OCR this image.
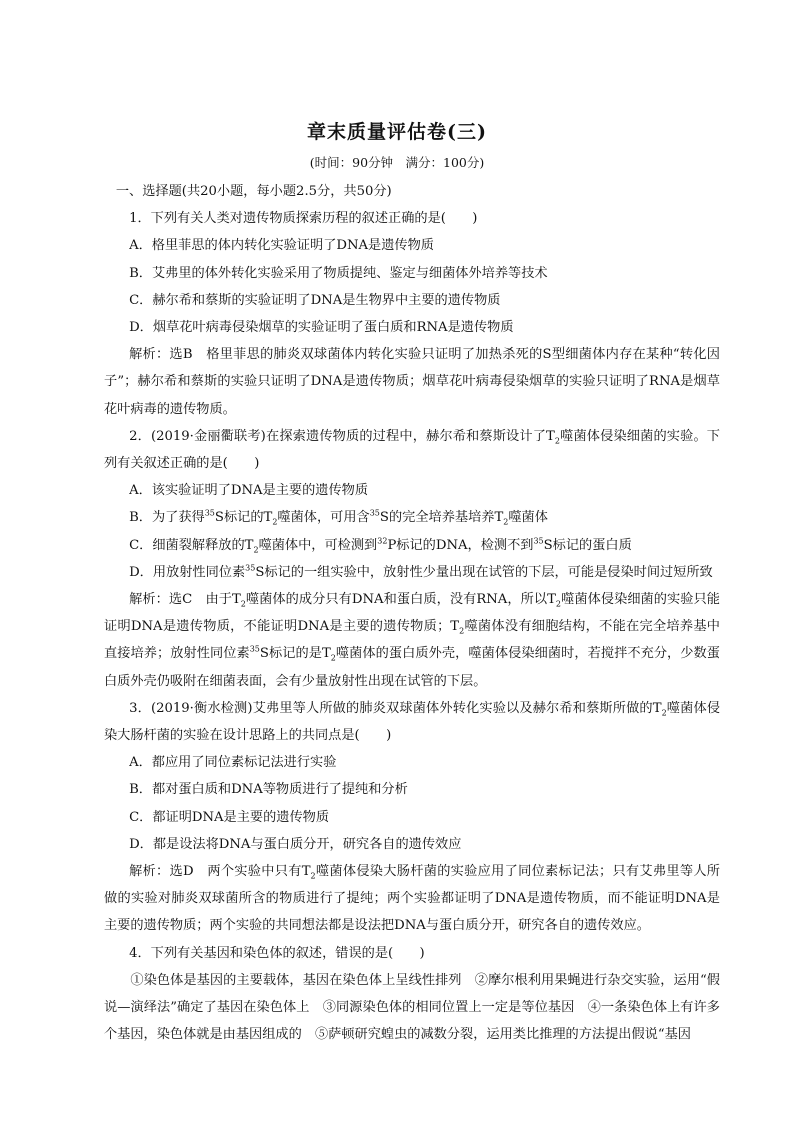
章末质量评估卷(三)
(时间：90分钟　满分：100分)

一、选择题(共20小题，每小题2.5分，共50分)

1．下列有关人类对遗传物质探索历程的叙述正确的是(　　)

A．格里菲思的体内转化实验证明了DNA是遗传物质

B．艾弗里的体外转化实验采用了物质提纯、鉴定与细菌体外培养等技术

C．赫尔希和蔡斯的实验证明了DNA是生物界中主要的遗传物质

D．烟草花叶病毒侵染烟草的实验证明了蛋白质和RNA是遗传物质

解析：选B　格里菲思的肺炎双球菌体内转化实验只证明了加热杀死的S型细菌体内存在某种“转化因子”；赫尔希和蔡斯的实验只证明了DNA是遗传物质；烟草花叶病毒侵染烟草的实验只证明了RNA是烟草花叶病毒的遗传物质。

2．(2019·金丽衢联考)在探索遗传物质的过程中，赫尔希和蔡斯设计了$T_2$噬菌体侵染细菌的实验。下列有关叙述正确的是(　　)

A．该实验证明了DNA是主要的遗传物质

B．为了获得$^{35}$S标记的$T_2$噬菌体，可用含$^{35}$S的完全培养基培养$T_2$噬菌体

C．细菌裂解释放的$T_2$噬菌体中，可检测到$^{32}$P标记的DNA，检测不到$^{35}$S标记的蛋白质

D．用放射性同位素$^{35}$S标记的一组实验中，放射性少量出现在试管的下层，可能是侵染时间过短所致

解析：选C　由于$T_2$噬菌体的成分只有DNA和蛋白质，没有RNA，所以$T_2$噬菌体侵染细菌的实验只能证明DNA是遗传物质，不能证明DNA是主要的遗传物质；$T_2$噬菌体没有细胞结构，不能在完全培养基中直接培养；放射性同位素$^{35}$S标记的是$T_2$噬菌体的蛋白质外壳，噬菌体侵染细菌时，若搅拌不充分，少数蛋白质外壳仍吸附在细菌表面，会有少量放射性出现在试管的下层。

3．(2019·衡水检测)艾弗里等人所做的肺炎双球菌体外转化实验以及赫尔希和蔡斯所做的$T_2$噬菌体侵染大肠杆菌的实验在设计思路上的共同点是(　　)

A．都应用了同位素标记法进行实验

B．都对蛋白质和DNA等物质进行了提纯和分析

C．都证明DNA是主要的遗传物质

D．都是设法将DNA与蛋白质分开，研究各自的遗传效应

解析：选D　两个实验中只有$T_2$噬菌体侵染大肠杆菌的实验应用了同位素标记法；只有艾弗里等人所做的实验对肺炎双球菌所含的物质进行了提纯；两个实验都证明了DNA是遗传物质，而不能证明DNA是主要的遗传物质；两个实验的共同想法都是设法把DNA与蛋白质分开，研究各自的遗传效应。

4．下列有关基因和染色体的叙述，错误的是(　　)

①染色体是基因的主要载体，基因在染色体上呈线性排列　②摩尔根利用果蝇进行杂交实验，运用“假说—演绎法”确定了基因在染色体上　③同源染色体的相同位置上一定是等位基因　④一条染色体上有许多个基因，染色体就是由基因组成的　⑤萨顿研究蝗虫的减数分裂，运用类比推理的方法提出假说“基因
